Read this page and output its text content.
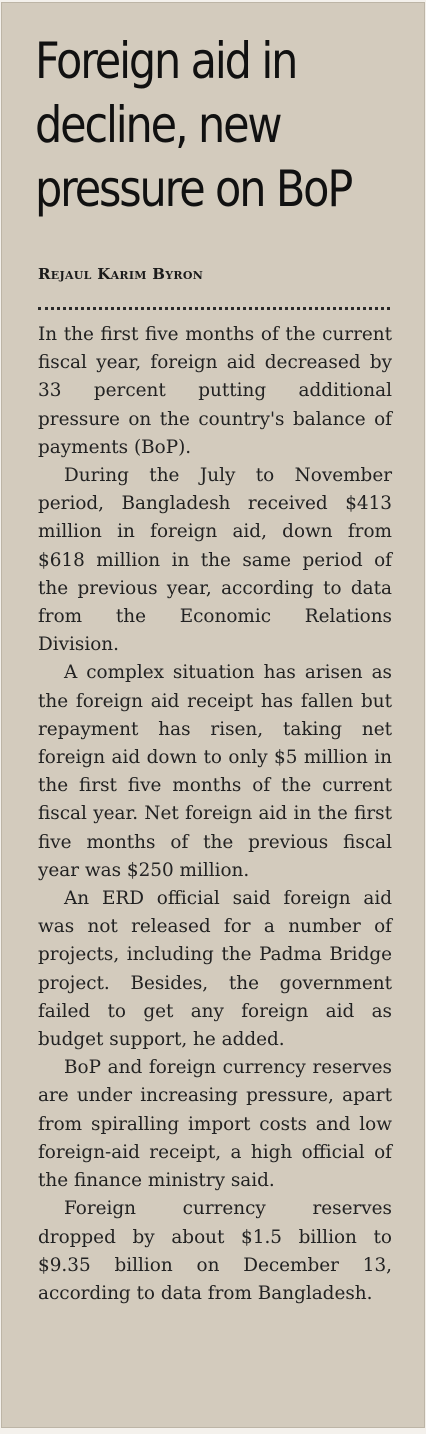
Foreign aid in
decline, new
pressure on BoP
Rejaul Karim Byron

In the first five months of the current fiscal year, foreign aid decreased by 33 percent putting additional pressure on the country's balance of payments (BoP).

During the July to November period, Bangladesh received $413 million in foreign aid, down from $618 million in the same period of the previous year, according to data from the Economic Relations Division.

A complex situation has arisen as the foreign aid receipt has fallen but repayment has risen, taking net foreign aid down to only $5 million in the first five months of the current fiscal year. Net foreign aid in the first five months of the previous fiscal year was $250 million.

An ERD official said foreign aid was not released for a number of projects, including the Padma Bridge project. Besides, the government failed to get any foreign aid as budget support, he added.

BoP and foreign currency reserves are under increasing pressure, apart from spiralling import costs and low foreign-aid receipt, a high official of the finance ministry said.

Foreign currency reserves dropped by about $1.5 billion to $9.35 billion on December 13, according to data from Bangladesh.
